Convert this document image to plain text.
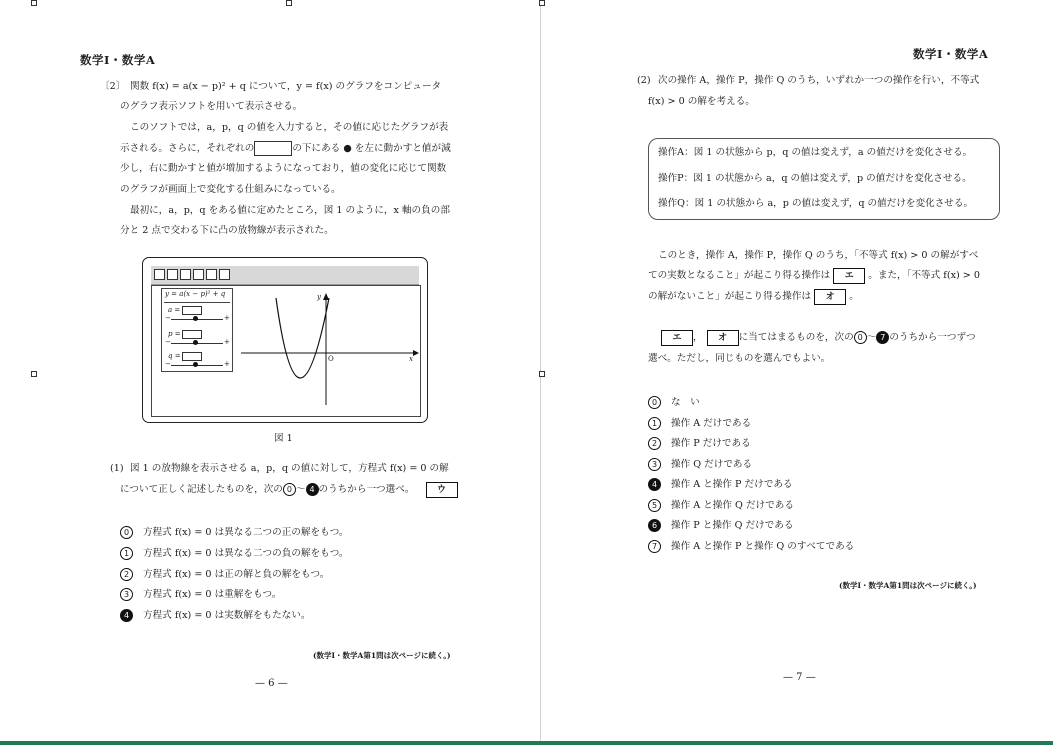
数学Ⅰ・数学A
〔2〕 関数 f(x) = a(x − p)² + q について，y = f(x) のグラフをコンピュータ
のグラフ表示ソフトを用いて表示させる。
このソフトでは，a，p，q の値を入力すると，その値に応じたグラフが表
示される。さらに，それぞれの	の下にある ● を左に動かすと値が減
少し，右に動かすと値が増加するようになっており，値の変化に応じて関数
のグラフが画面上で変化する仕組みになっている。
最初に，a，p，q をある値に定めたところ，図 1 のように，x 軸の負の部
分と 2 点で交わる下に凸の放物線が表示された。
y = a(x − p)² + q
a =
−	+
p =
−	+
q =
−	+
x
y
O
図 1
(1) 図 1 の放物線を表示させる a，p，q の値に対して，方程式 f(x) = 0 の解
について正しく記述したものを，次の 0 ～ 4 のうちから一つ選べ。	ウ
0 方程式 f(x) = 0 は異なる二つの正の解をもつ。
1 方程式 f(x) = 0 は異なる二つの負の解をもつ。
2 方程式 f(x) = 0 は正の解と負の解をもつ。
3 方程式 f(x) = 0 は重解をもつ。
4 方程式 f(x) = 0 は実数解をもたない。
(数学Ⅰ・数学A第1問は次ページに続く。)
— 6 —
数学Ⅰ・数学A
(2) 次の操作 A，操作 P，操作 Q のうち，いずれか一つの操作を行い，不等式
f(x) > 0 の解を考える。
操作A：図 1 の状態から p，q の値は変えず，a の値だけを変化させる。
操作P：図 1 の状態から a，q の値は変えず，p の値だけを変化させる。
操作Q：図 1 の状態から a，p の値は変えず，q の値だけを変化させる。
このとき，操作 A，操作 P，操作 Q のうち，「不等式 f(x) > 0 の解がすべ
ての実数となること」が起こり得る操作は エ 。また，「不等式 f(x) > 0
の解がないこと」が起こり得る操作は オ 。
エ ， オ に当てはまるものを，次の 0 ～ 7 のうちから一つずつ
選べ。ただし，同じものを選んでもよい。
0 な　い
1 操作 A だけである
2 操作 P だけである
3 操作 Q だけである
4 操作 A と操作 P だけである
5 操作 A と操作 Q だけである
6 操作 P と操作 Q だけである
7 操作 A と操作 P と操作 Q のすべてである
(数学Ⅰ・数学A第1問は次ページに続く。)
— 7 —
